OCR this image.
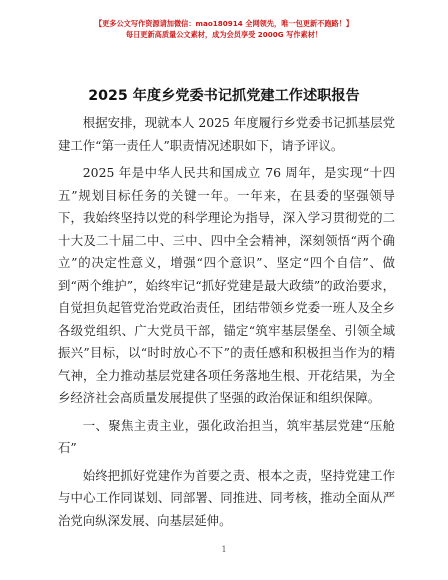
【更多公文写作资源请加微信：mao180914 全网领先，唯一包更新不跑路！】
每日更新高质量公文素材，成为会员享受 2000G 写作素材！
2025 年度乡党委书记抓党建工作述职报告

根据安排，现就本人 2025 年度履行乡党委书记抓基层党建工作“第一责任人”职责情况述职如下，请予评议。

2025 年是中华人民共和国成立 76 周年，是实现“十四五”规划目标任务的关键一年。一年来，在县委的坚强领导下，我始终坚持以党的科学理论为指导，深入学习贯彻党的二十大及二十届二中、三中、四中全会精神，深刻领悟“两个确立”的决定性意义，增强“四个意识”、坚定“四个自信”、做到“两个维护”，始终牢记“抓好党建是最大政绩”的政治要求，自觉担负起管党治党政治责任，团结带领乡党委一班人及全乡各级党组织、广大党员干部，锚定“筑牢基层堡垒、引领全域振兴”目标，以“时时放心不下”的责任感和积极担当作为的精气神，全力推动基层党建各项任务落地生根、开花结果，为全乡经济社会高质量发展提供了坚强的政治保证和组织保障。

一、聚焦主责主业，强化政治担当，筑牢基层党建“压舱石”

始终把抓好党建作为首要之责、根本之责，坚持党建工作与中心工作同谋划、同部署、同推进、同考核，推动全面从严治党向纵深发展、向基层延伸。

1
